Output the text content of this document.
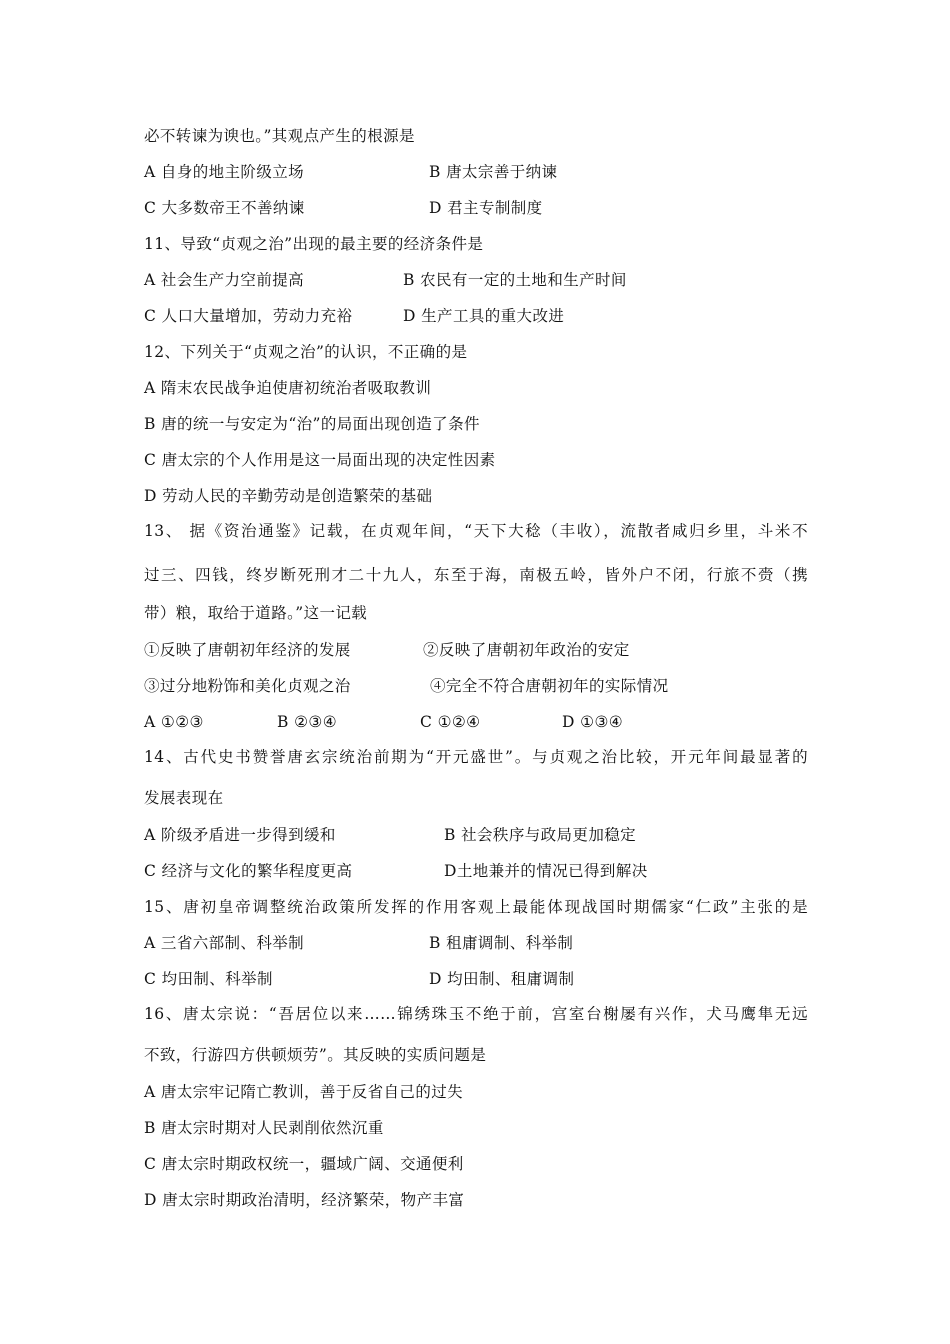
必不转谏为谀也。”其观点产生的根源是
A 自身的地主阶级立场	B 唐太宗善于纳谏
C 大多数帝王不善纳谏	D 君主专制制度
11、导致“贞观之治”出现的最主要的经济条件是
A 社会生产力空前提高	B 农民有一定的土地和生产时间
C 人口大量增加，劳动力充裕	D 生产工具的重大改进
12、下列关于“贞观之治”的认识，不正确的是
A 隋末农民战争迫使唐初统治者吸取教训
B 唐的统一与安定为“治”的局面出现创造了条件
C 唐太宗的个人作用是这一局面出现的决定性因素
D 劳动人民的辛勤劳动是创造繁荣的基础
13、 据《资治通鉴》记载，在贞观年间，“天下大稔（丰收），流散者咸归乡里，斗米不
过三、四钱，终岁断死刑才二十九人，东至于海，南极五岭，皆外户不闭，行旅不赍（携
带）粮，取给于道路。”这一记载
①反映了唐朝初年经济的发展	②反映了唐朝初年政治的安定
③过分地粉饰和美化贞观之治	④完全不符合唐朝初年的实际情况
A ①②③	B ②③④	C ①②④	D ①③④
14、古代史书赞誉唐玄宗统治前期为“开元盛世”。与贞观之治比较，开元年间最显著的
发展表现在
A 阶级矛盾进一步得到缓和	B 社会秩序与政局更加稳定
C 经济与文化的繁华程度更高	D土地兼并的情况已得到解决
15、唐初皇帝调整统治政策所发挥的作用客观上最能体现战国时期儒家“仁政”主张的是
A 三省六部制、科举制	B 租庸调制、科举制
C 均田制、科举制	D 均田制、租庸调制
16、唐太宗说：“吾居位以来……锦绣珠玉不绝于前，宫室台榭屡有兴作，犬马鹰隼无远
不致，行游四方供顿烦劳”。其反映的实质问题是
A 唐太宗牢记隋亡教训，善于反省自己的过失
B 唐太宗时期对人民剥削依然沉重
C 唐太宗时期政权统一，疆域广阔、交通便利
D 唐太宗时期政治清明，经济繁荣，物产丰富
